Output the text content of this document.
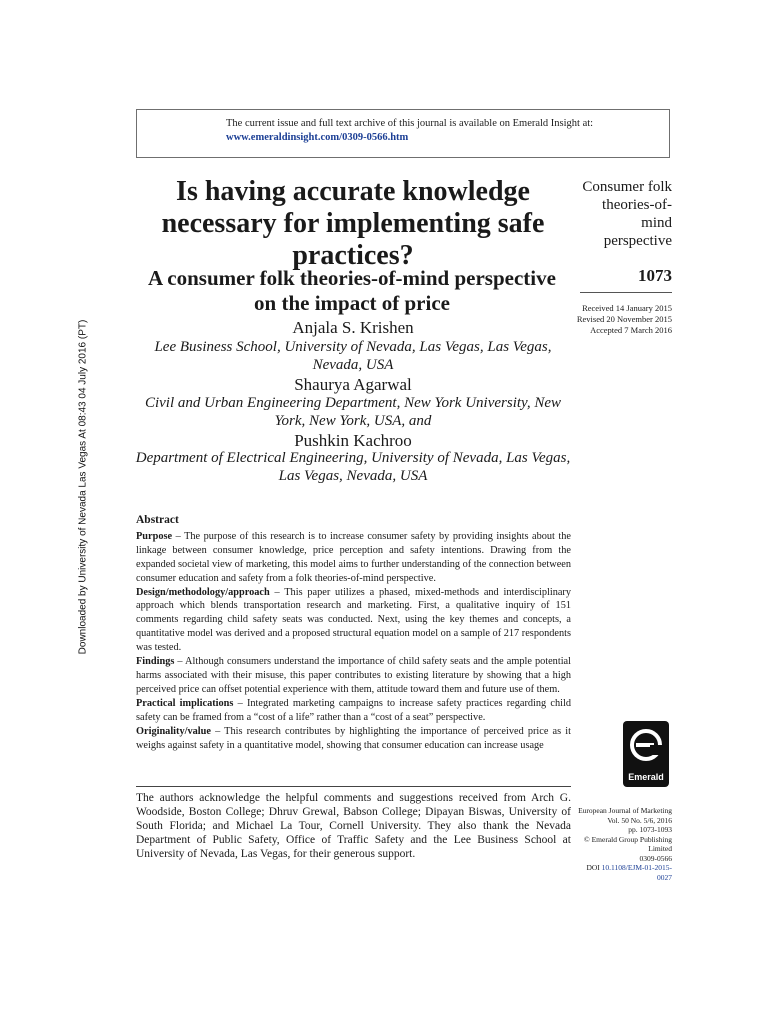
The current issue and full text archive of this journal is available on Emerald Insight at:
www.emeraldinsight.com/0309-0566.htm
Downloaded by University of Nevada Las Vegas At 08:43 04 July 2016 (PT)
Is having accurate knowledge necessary for implementing safe practices?
A consumer folk theories-of-mind perspective on the impact of price
Anjala S. Krishen
Lee Business School, University of Nevada, Las Vegas, Las Vegas, Nevada, USA
Shaurya Agarwal
Civil and Urban Engineering Department, New York University, New York, New York, USA, and
Pushkin Kachroo
Department of Electrical Engineering, University of Nevada, Las Vegas, Las Vegas, Nevada, USA
Consumer folk theories-of-mind perspective
1073
Received 14 January 2015
Revised 20 November 2015
Accepted 7 March 2016
Abstract

Purpose – The purpose of this research is to increase consumer safety by providing insights about the linkage between consumer knowledge, price perception and safety intentions. Drawing from the expanded societal view of marketing, this model aims to further understanding of the connection between consumer education and safety from a folk theories-of-mind perspective.

Design/methodology/approach – This paper utilizes a phased, mixed-methods and interdisciplinary approach which blends transportation research and marketing. First, a qualitative inquiry of 151 comments regarding child safety seats was conducted. Next, using the key themes and concepts, a quantitative model was derived and a proposed structural equation model on a sample of 217 respondents was tested.

Findings – Although consumers understand the importance of child safety seats and the ample potential harms associated with their misuse, this paper contributes to existing literature by showing that a high perceived price can offset potential experience with them, attitude toward them and future use of them.

Practical implications – Integrated marketing campaigns to increase safety practices regarding child safety can be framed from a “cost of a life” rather than a “cost of a seat” perspective.

Originality/value – This research contributes by highlighting the importance of perceived price as it weighs against safety in a quantitative model, showing that consumer education can increase usage

Emerald
The authors acknowledge the helpful comments and suggestions received from Arch G. Woodside, Boston College; Dhruv Grewal, Babson College; Dipayan Biswas, University of South Florida; and Michael La Tour, Cornell University. They also thank the Nevada Department of Public Safety, Office of Traffic Safety and the Lee Business School at University of Nevada, Las Vegas, for their generous support.
European Journal of Marketing
Vol. 50 No. 5/6, 2016
pp. 1073-1093
© Emerald Group Publishing Limited
0309-0566
DOI 10.1108/EJM-01-2015-0027
